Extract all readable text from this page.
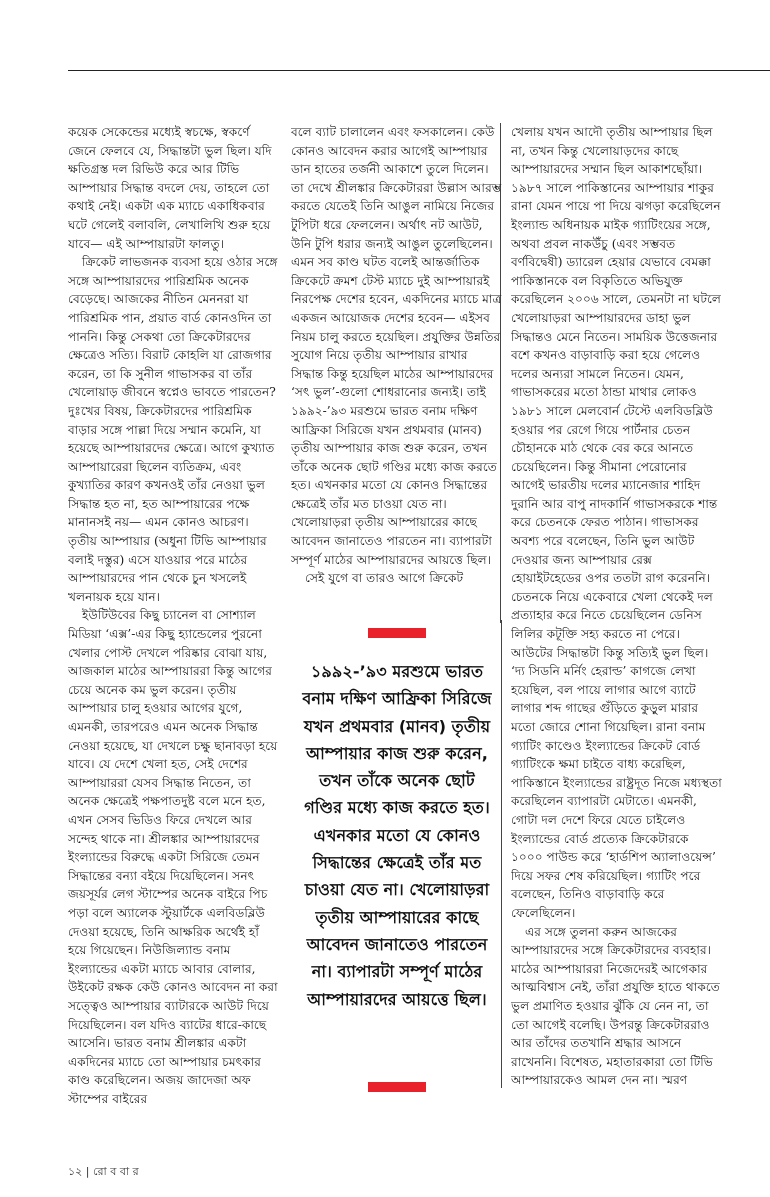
কয়েক সেকেন্ডের মধ্যেই স্বচক্ষে, স্বকর্ণে জেনে ফেলবে যে, সিদ্ধান্তটা ভুল ছিল। যদি ক্ষতিগ্রস্ত দল রিভিউ করে আর টিভি আম্পায়ার সিদ্ধান্ত বদলে দেয়, তাহলে তো কথাই নেই। একটা এক ম্যাচে একাধিকবার ঘটে গেলেই বলাবলি, লেখালিখি শুরু হয়ে যাবে— এই আম্পায়ারটা ফালতু।

ক্রিকেট লাভজনক ব্যবসা হয়ে ওঠার সঙ্গে সঙ্গে আম্পায়ারদের পারিশ্রমিক অনেক বেড়েছে। আজকের নীতিন মেননরা যা পারিশ্রমিক পান, প্রয়াত বার্ড কোনওদিন তা পাননি। কিন্তু সেকথা তো ক্রিকেটারদের ক্ষেত্রেও সত্যি। বিরাট কোহলি যা রোজগার করেন, তা কি সুনীল গাভাসকর বা তাঁর খেলোয়াড় জীবনে স্বপ্নেও ভাবতে পারতেন? দুঃখের বিষয়, ক্রিকেটারদের পারিশ্রমিক বাড়ার সঙ্গে পাল্লা দিয়ে সম্মান কমেনি, যা হয়েছে আম্পায়ারদের ক্ষেত্রে। আগে কুখ্যাত আম্পায়ারেরা ছিলেন ব্যতিক্রম, এবং কুখ্যাতির কারণ কখনওই তাঁর নেওয়া ভুল সিদ্ধান্ত হত না, হত আম্পায়ারের পক্ষে মানানসই নয়— এমন কোনও আচরণ। তৃতীয় আম্পায়ার (অধুনা টিভি আম্পায়ার বলাই দস্তুর) এসে যাওয়ার পরে মাঠের আম্পায়ারদের পান থেকে চুন খসলেই খলনায়ক হয়ে যান।

ইউটিউবের কিছু চ্যানেল বা সোশ্যাল মিডিয়া ‘এক্স’-এর কিছু হ্যান্ডেলের পুরনো খেলার পোস্ট দেখলে পরিষ্কার বোঝা যায়, আজকাল মাঠের আম্পায়াররা কিন্তু আগের চেয়ে অনেক কম ভুল করেন। তৃতীয় আম্পায়ার চালু হওয়ার আগের যুগে, এমনকী, তারপরেও এমন অনেক সিদ্ধান্ত নেওয়া হয়েছে, যা দেখলে চক্ষু ছানাবড়া হয়ে যাবে। যে দেশে খেলা হত, সেই দেশের আম্পায়াররা যেসব সিদ্ধান্ত নিতেন, তা অনেক ক্ষেত্রেই পক্ষপাতদুষ্ট বলে মনে হত, এখন সেসব ভিডিও ফিরে দেখলে আর সন্দেহ থাকে না। শ্রীলঙ্কার আম্পায়ারদের ইংল্যান্ডের বিরুদ্ধে একটা সিরিজে তেমন সিদ্ধান্তের বন্যা বইয়ে দিয়েছিলেন। সনৎ জয়সূর্যর লেগ স্টাম্পের অনেক বাইরে পিচ পড়া বলে অ্যালেক স্টুয়ার্টকে এলবিডব্লিউ দেওয়া হয়েছে, তিনি আক্ষরিক অর্থেই হাঁ হয়ে গিয়েছেন। নিউজিল্যান্ড বনাম ইংল্যান্ডের একটা ম্যাচে আবার বোলার, উইকেট রক্ষক কেউ কোনও আবেদন না করা সত্ত্বেও আম্পায়ার ব্যাটারকে আউট দিয়ে দিয়েছিলেন। বল যদিও ব্যাটের ধারে-কাছে আসেনি। ভারত বনাম শ্রীলঙ্কার একটা একদিনের ম্যাচে তো আম্পায়ার চমৎকার কাণ্ড করেছিলেন। অজয় জাদেজা অফ স্টাম্পের বাইরের

বলে ব্যাট চালালেন এবং ফসকালেন। কেউ কোনও আবেদন করার আগেই আম্পায়ার ডান হাতের তর্জনী আকাশে তুলে দিলেন। তা দেখে শ্রীলঙ্কার ক্রিকেটাররা উল্লাস আরম্ভ করতে যেতেই তিনি আঙুল নামিয়ে নিজের টুপিটা ধরে ফেললেন। অর্থাৎ নট আউট, উনি টুপি ধরার জন্যই আঙুল তুলেছিলেন। এমন সব কাণ্ড ঘটত বলেই আন্তর্জাতিক ক্রিকেটে ক্রমশ টেস্ট ম্যাচে দুই আম্পায়ারই নিরপেক্ষ দেশের হবেন, একদিনের ম্যাচে মাত্র একজন আয়োজক দেশের হবেন— এইসব নিয়ম চালু করতে হয়েছিল। প্রযুক্তির উন্নতির সুযোগ নিয়ে তৃতীয় আম্পায়ার রাখার সিদ্ধান্ত কিন্তু হয়েছিল মাঠের আম্পায়ারদের ‘সৎ ভুল’-গুলো শোধরানোর জন্যই। তাই ১৯৯২-’৯৩ মরশুমে ভারত বনাম দক্ষিণ আফ্রিকা সিরিজে যখন প্রথমবার (মানব) তৃতীয় আম্পায়ার কাজ শুরু করেন, তখন তাঁকে অনেক ছোট গণ্ডির মধ্যে কাজ করতে হত। এখনকার মতো যে কোনও সিদ্ধান্তের ক্ষেত্রেই তাঁর মত চাওয়া যেত না। খেলোয়াড়রা তৃতীয় আম্পায়ারের কাছে আবেদন জানাতেও পারতেন না। ব্যাপারটা সম্পূর্ণ মাঠের আম্পায়ারদের আয়ত্তে ছিল।

সেই যুগে বা তারও আগে ক্রিকেট

১৯৯২-’৯৩ মরশুমে ভারত বনাম দক্ষিণ আফ্রিকা সিরিজে যখন প্রথমবার (মানব) তৃতীয় আম্পায়ার কাজ শুরু করেন, তখন তাঁকে অনেক ছোট গণ্ডির মধ্যে কাজ করতে হত। এখনকার মতো যে কোনও সিদ্ধান্তের ক্ষেত্রেই তাঁর মত চাওয়া যেত না। খেলোয়াড়রা তৃতীয় আম্পায়ারের কাছে আবেদন জানাতেও পারতেন না। ব্যাপারটা সম্পূর্ণ মাঠের আম্পায়ারদের আয়ত্তে ছিল।

খেলায় যখন আদৌ তৃতীয় আম্পায়ার ছিল না, তখন কিন্তু খেলোয়াড়দের কাছে আম্পায়ারদের সম্মান ছিল আকাশছোঁয়া। ১৯৮৭ সালে পাকিস্তানের আম্পায়ার শাকুর রানা যেমন পায়ে পা দিয়ে ঝগড়া করেছিলেন ইংল্যান্ড অধিনায়ক মাইক গ্যাটিংয়ের সঙ্গে, অথবা প্রবল নাকউঁচু (এবং সম্ভবত বর্ণবিদ্বেষী) ড্যারেল হেয়ার যেভাবে বেমক্কা পাকিস্তানকে বল বিকৃতিতে অভিযুক্ত করেছিলেন ২০০৬ সালে, তেমনটা না ঘটলে খেলোয়াড়রা আম্পায়ারদের ডাহা ভুল সিদ্ধান্তও মেনে নিতেন। সাময়িক উত্তেজনার বশে কখনও বাড়াবাড়ি করা হয়ে গেলেও দলের অন্যরা সামলে নিতেন। যেমন, গাভাসকরের মতো ঠান্ডা মাথার লোকও ১৯৮১ সালে মেলবোর্ন টেস্টে এলবিডব্লিউ হওয়ার পর রেগে গিয়ে পার্টনার চেতন চৌহানকে মাঠ থেকে বের করে আনতে চেয়েছিলেন। কিন্তু সীমানা পেরোনোর আগেই ভারতীয় দলের ম্যানেজার শাহিদ দুরানি আর বাপু নাদকার্নি গাভাসকরকে শান্ত করে চেতনকে ফেরত পাঠান। গাভাসকর অবশ্য পরে বলেছেন, তিনি ভুল আউট দেওয়ার জন্য আম্পায়ার রেক্স হোয়াইটহেডের ওপর ততটা রাগ করেননি। চেতনকে নিয়ে একেবারে খেলা থেকেই দল প্রত্যাহার করে নিতে চেয়েছিলেন ডেনিস লিলির কটূক্তি সহ্য করতে না পেরে। আউটের সিদ্ধান্তটা কিন্তু সত্যিই ভুল ছিল। ‘দ্য সিডনি মর্নিং হেরাল্ড’ কাগজে লেখা হয়েছিল, বল পায়ে লাগার আগে ব্যাটে লাগার শব্দ গাছের গুঁড়িতে কুড়ুল মারার মতো জোরে শোনা গিয়েছিল। রানা বনাম গ্যাটিং কাণ্ডেও ইংল্যান্ডের ক্রিকেট বোর্ড গ্যাটিংকে ক্ষমা চাইতে বাধ্য করেছিল, পাকিস্তানে ইংল্যান্ডের রাষ্ট্রদূত নিজে মধ্যস্থতা করেছিলেন ব্যাপারটা মেটাতে। এমনকী, গোটা দল দেশে ফিরে যেতে চাইলেও ইংল্যান্ডের বোর্ড প্রত্যেক ক্রিকেটারকে ১০০০ পাউন্ড করে ‘হার্ডশিপ অ্যালাওয়েন্স’ দিয়ে সফর শেষ করিয়েছিল। গ্যাটিং পরে বলেছেন, তিনিও বাড়াবাড়ি করে ফেলেছিলেন।

এর সঙ্গে তুলনা করুন আজকের আম্পায়ারদের সঙ্গে ক্রিকেটারদের ব্যবহার। মাঠের আম্পায়াররা নিজেদেরই আগেকার আত্মবিশ্বাস নেই, তাঁরা প্রযুক্তি হাতে থাকতে ভুল প্রমাণিত হওয়ার ঝুঁকি যে নেন না, তা তো আগেই বলেছি। উপরন্তু ক্রিকেটাররাও আর তাঁদের ততখানি শ্রদ্ধার আসনে রাখেননি। বিশেষত, মহাতারকারা তো টিভি আম্পায়ারকেও আমল দেন না। স্মরণ

১২ | রো ব বা র
